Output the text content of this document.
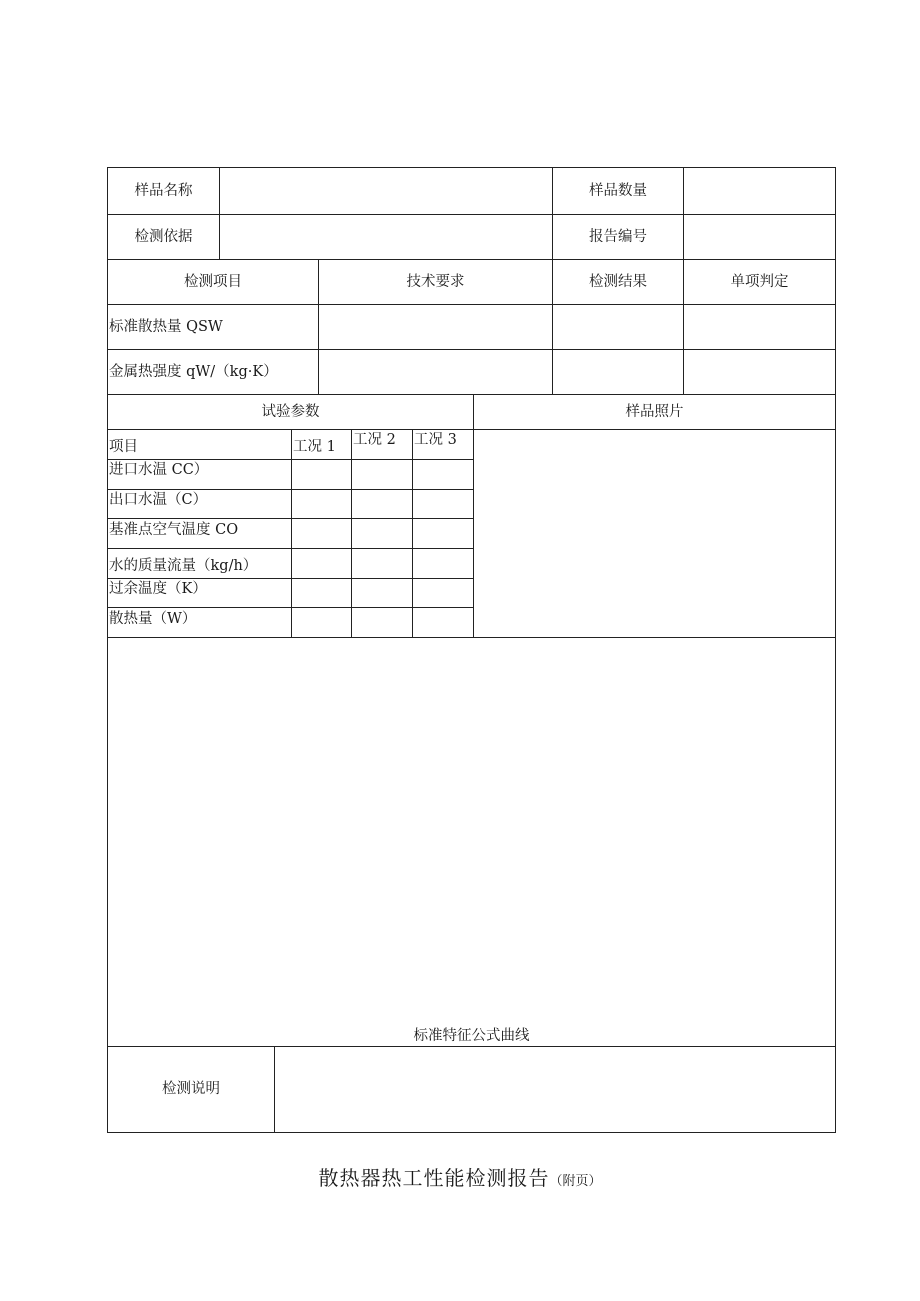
样品名称	样品数量
检测依据	报告编号
检测项目	技术要求	检测结果	单项判定
标准散热量 QSW
金属热强度 qW/（kg·K）
试验参数	样品照片
项目	工况 1	工况 2	工况 3
进口水温 CC）
出口水温（C）
基准点空气温度 CO
水的质量流量（kg/h）
过余温度（K）
散热量（W）
标准特征公式曲线
检测说明
散热器热工性能检测报告（附页）
